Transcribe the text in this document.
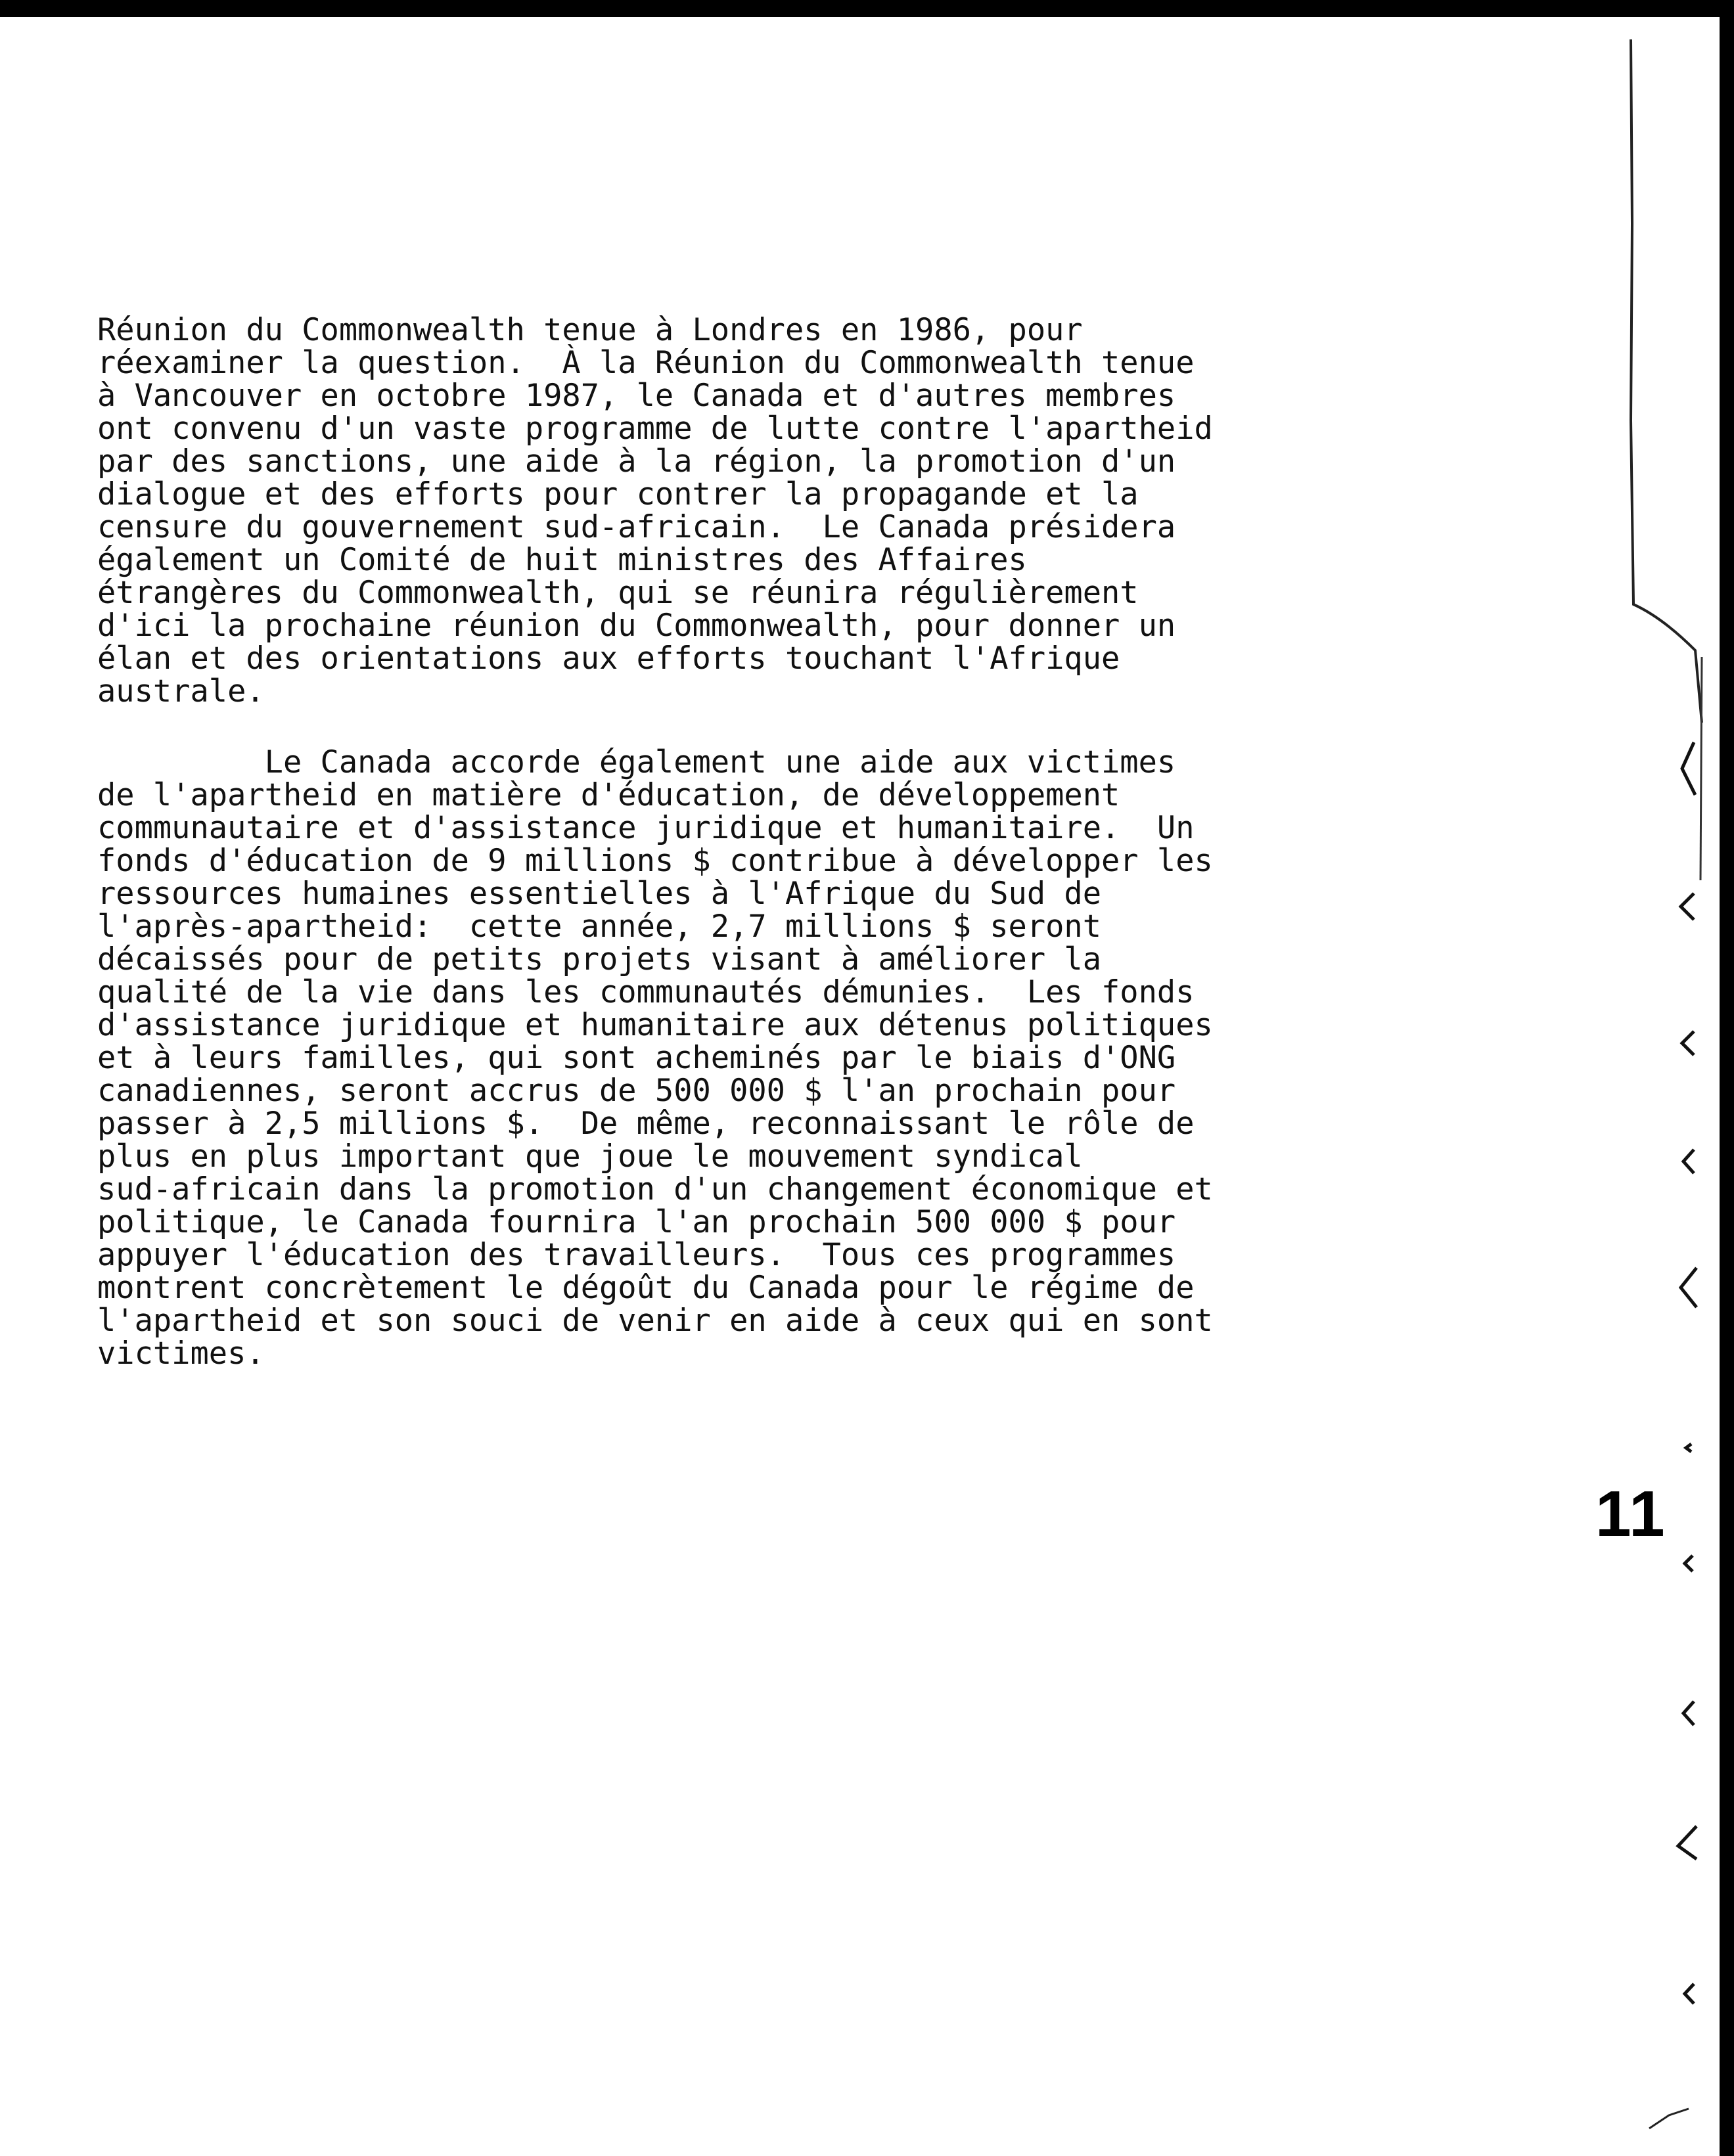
Réunion du Commonwealth tenue à Londres en 1986, pour
réexaminer la question.  À la Réunion du Commonwealth tenue
à Vancouver en octobre 1987, le Canada et d'autres membres
ont convenu d'un vaste programme de lutte contre l'apartheid
par des sanctions, une aide à la région, la promotion d'un
dialogue et des efforts pour contrer la propagande et la
censure du gouvernement sud-africain.  Le Canada présidera
également un Comité de huit ministres des Affaires
étrangères du Commonwealth, qui se réunira régulièrement
d'ici la prochaine réunion du Commonwealth, pour donner un
élan et des orientations aux efforts touchant l'Afrique
australe.
Le Canada accorde également une aide aux victimes
de l'apartheid en matière d'éducation, de développement
communautaire et d'assistance juridique et humanitaire.  Un
fonds d'éducation de 9 millions $ contribue à développer les
ressources humaines essentielles à l'Afrique du Sud de
l'après-apartheid:  cette année, 2,7 millions $ seront
décaissés pour de petits projets visant à améliorer la
qualité de la vie dans les communautés démunies.  Les fonds
d'assistance juridique et humanitaire aux détenus politiques
et à leurs familles, qui sont acheminés par le biais d'ONG
canadiennes, seront accrus de 500 000 $ l'an prochain pour
passer à 2,5 millions $.  De même, reconnaissant le rôle de
plus en plus important que joue le mouvement syndical
sud-africain dans la promotion d'un changement économique et
politique, le Canada fournira l'an prochain 500 000 $ pour
appuyer l'éducation des travailleurs.  Tous ces programmes
montrent concrètement le dégoût du Canada pour le régime de
l'apartheid et son souci de venir en aide à ceux qui en sont
victimes.
11
